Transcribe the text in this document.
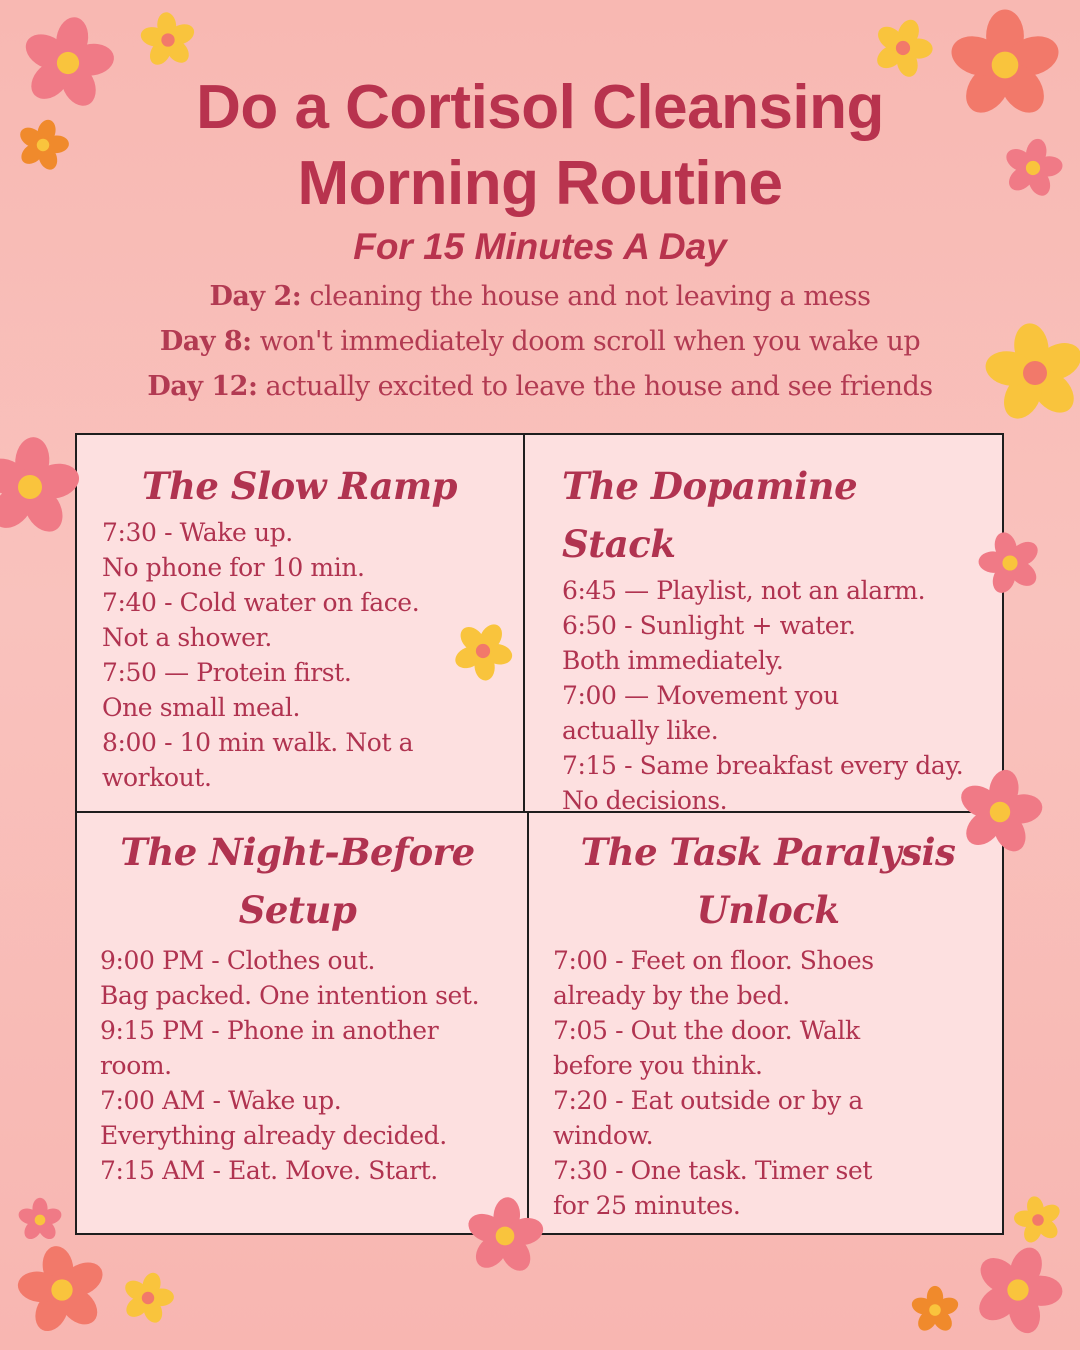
Do a Cortisol Cleansing
Morning Routine
For 15 Minutes A Day
Day 2: cleaning the house and not leaving a mess
Day 8: won't immediately doom scroll when you wake up
Day 12: actually excited to leave the house and see friends
The Slow Ramp
7:30 - Wake up.
No phone for 10 min.
7:40 - Cold water on face.
Not a shower.
7:50 — Protein first.
One small meal.
8:00 - 10 min walk. Not a
workout.
The Dopamine Stack
6:45 — Playlist, not an alarm.
6:50 - Sunlight + water.
Both immediately.
7:00 — Movement you
actually like.
7:15 - Same breakfast every day.
No decisions.
The Night-Before
Setup
9:00 PM - Clothes out.
Bag packed. One intention set.
9:15 PM - Phone in another
room.
7:00 AM - Wake up.
Everything already decided.
7:15 AM - Eat. Move. Start.
The Task Paralysis
Unlock
7:00 - Feet on floor. Shoes
already by the bed.
7:05 - Out the door. Walk
before you think.
7:20 - Eat outside or by a
window.
7:30 - One task. Timer set
for 25 minutes.
